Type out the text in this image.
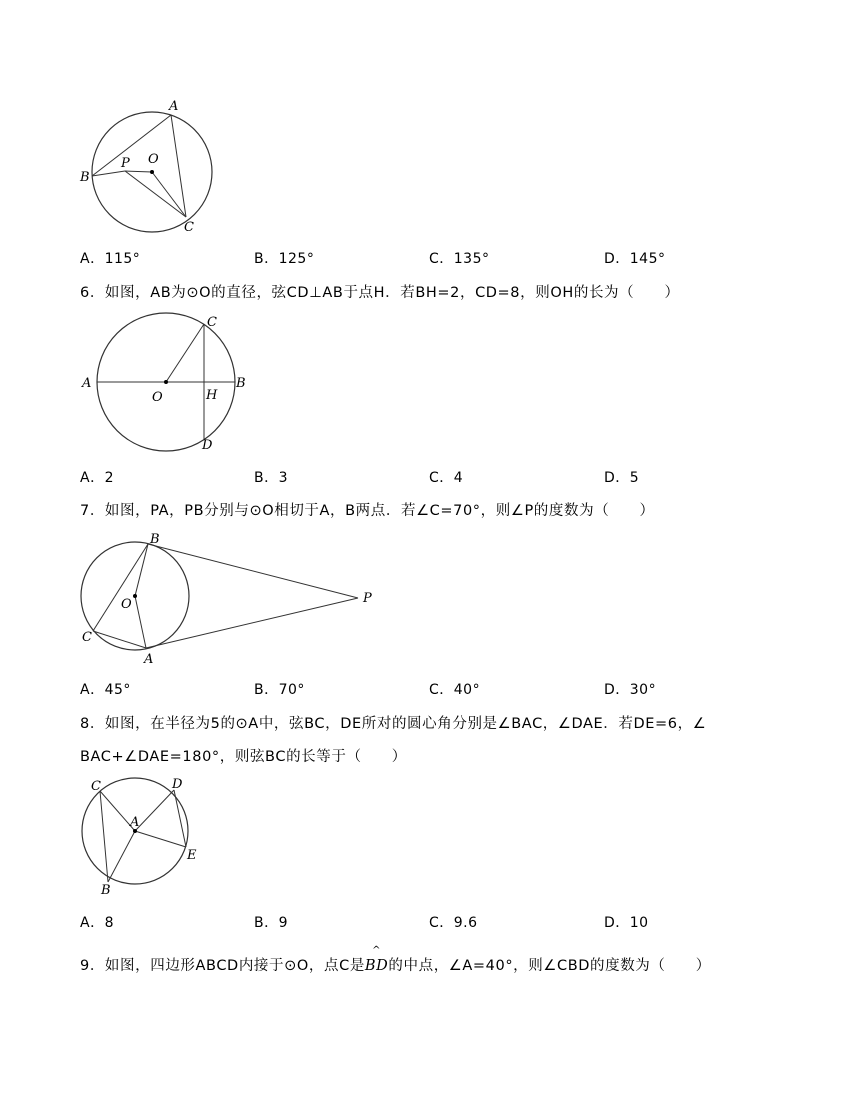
A
B
C
O
P
A．115°	B．125°	C．135°	D．145°
6．如图，AB为⊙O的直径，弦CD⊥AB于点H．若BH=2，CD=8，则OH的长为（　　）
A	B
C
D
O	H
A．2	B．3	C．4	D．5
7．如图，PA，PB分别与⊙O相切于A，B两点．若∠C=70°，则∠P的度数为（　　）
B
C
A
O	P
A．45°	B．70°	C．40°	D．30°
8．如图，在半径为5的⊙A中，弦BC，DE所对的圆心角分别是∠BAC，∠DAE．若DE=6，∠
BAC+∠DAE=180°，则弦BC的长等于（　　）
C	D
A
E
B
A．8	B．9	C．9.6	D．10
9．如图，四边形ABCD内接于⊙O，点C是
^
BD的中点，∠A=40°，则∠CBD的度数为（　　）
